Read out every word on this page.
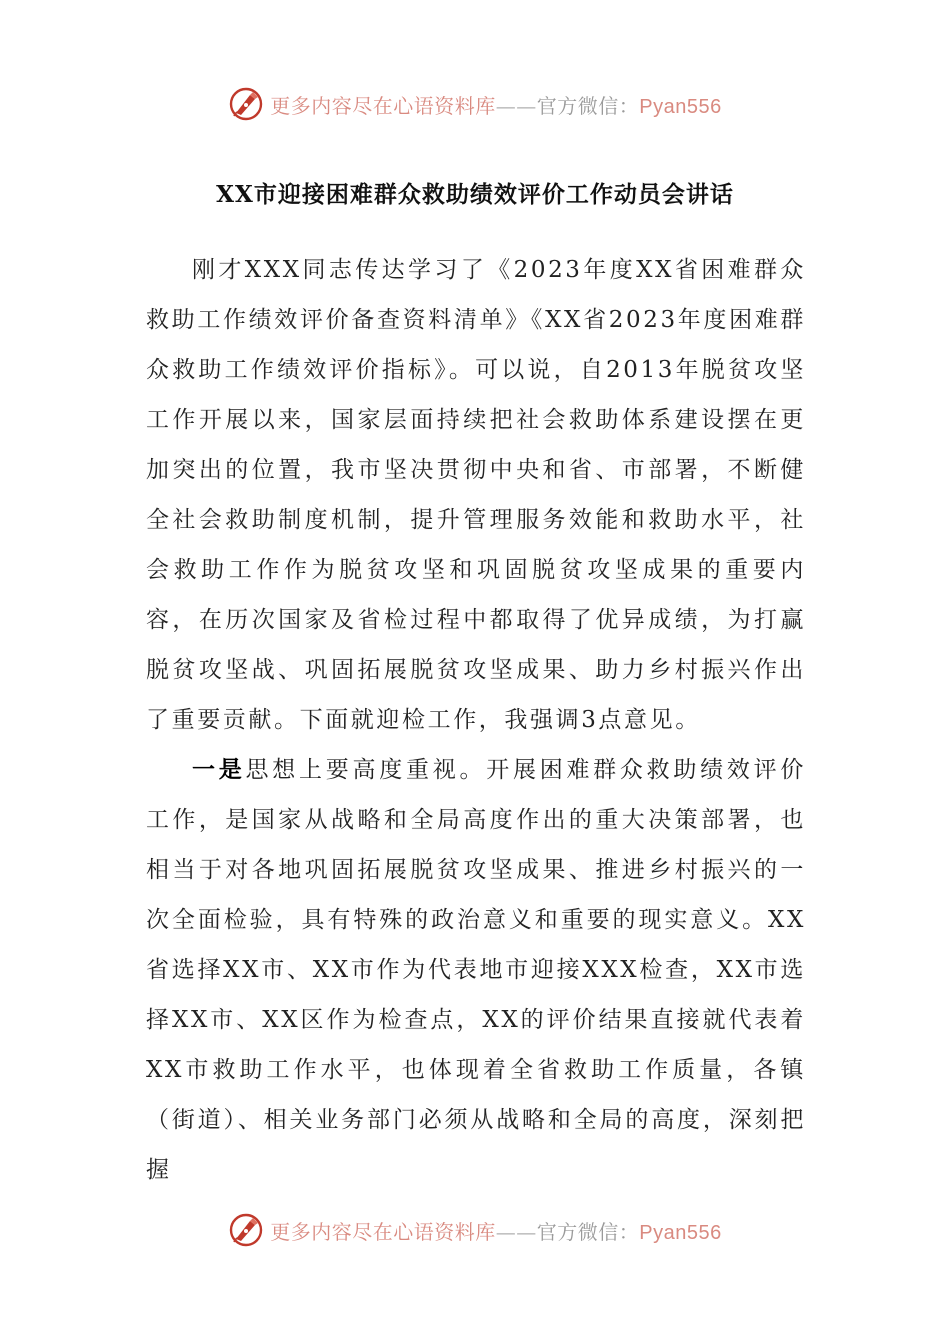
更多内容尽在心语资料库——官方微信：Pyan556
XX市迎接困难群众救助绩效评价工作动员会讲话

刚才XXX同志传达学习了《2023年度XX省困难群众救助工作绩效评价备查资料清单》《XX省2023年度困难群众救助工作绩效评价指标》。可以说，自2013年脱贫攻坚工作开展以来，国家层面持续把社会救助体系建设摆在更加突出的位置，我市坚决贯彻中央和省、市部署，不断健全社会救助制度机制，提升管理服务效能和救助水平，社会救助工作作为脱贫攻坚和巩固脱贫攻坚成果的重要内容，在历次国家及省检过程中都取得了优异成绩，为打赢脱贫攻坚战、巩固拓展脱贫攻坚成果、助力乡村振兴作出了重要贡献。下面就迎检工作，我强调3点意见。

一是思想上要高度重视。开展困难群众救助绩效评价工作，是国家从战略和全局高度作出的重大决策部署，也相当于对各地巩固拓展脱贫攻坚成果、推进乡村振兴的一次全面检验，具有特殊的政治意义和重要的现实意义。XX省选择XX市、XX市作为代表地市迎接XXX检查，XX市选择XX市、XX区作为检查点，XX的评价结果直接就代表着XX市救助工作水平，也体现着全省救助工作质量，各镇（街道）、相关业务部门必须从战略和全局的高度，深刻把握

更多内容尽在心语资料库——官方微信：Pyan556
